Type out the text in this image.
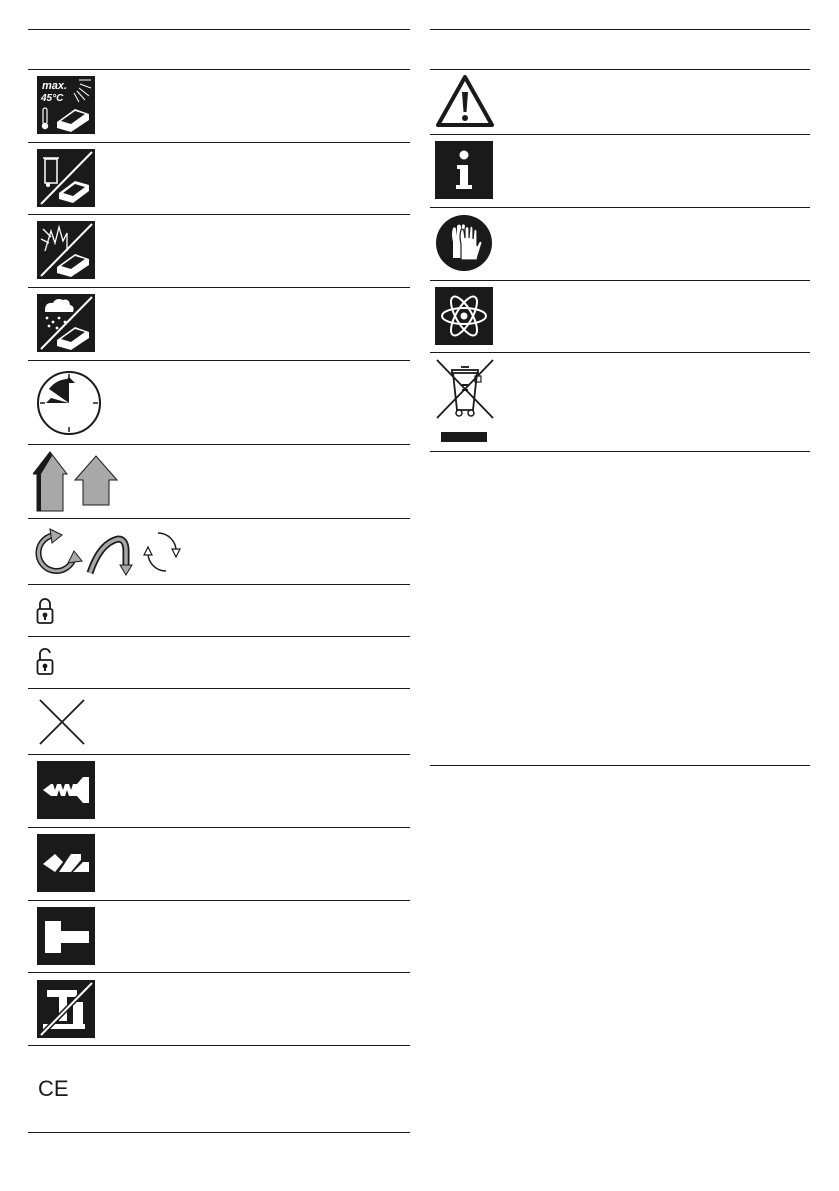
max.
45°C
CE
